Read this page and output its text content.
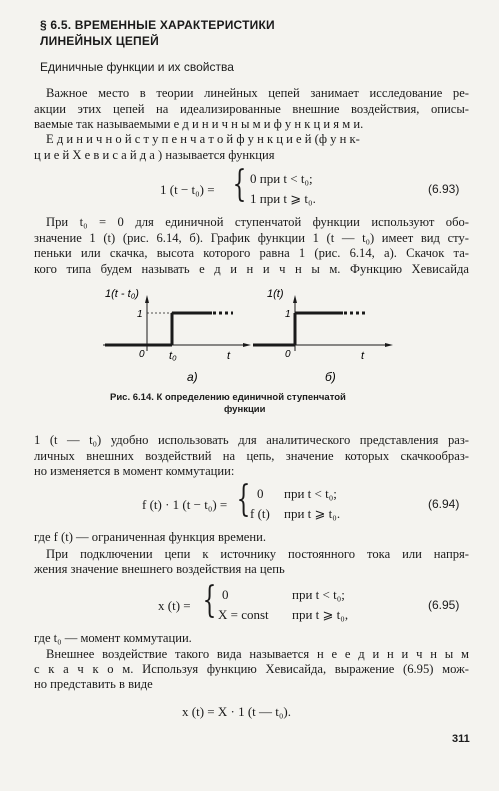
§ 6.5. ВРЕМЕННЫЕ ХАРАКТЕРИСТИКИ
ЛИНЕЙНЫХ ЦЕПЕЙ
Единичные функции и их свойства
Важное место в теории линейных цепей занимает исследование ре-
акции этих цепей на идеализированные внешние воздействия, описы-
ваемые так называемыми е д и н и ч н ы м и ф у н к ц и я м и.
Е д и н и ч н о й с т у п е н ч а т о й ф у н к ц и е й (ф у н к-
ц и е й Х е в и с а й д а ) называется функция
1 (t − t₀) = { 0 при t < t₀;
1 при t ⩾ t₀.
(6.93)
При t₀ = 0 для единичной ступенчатой функции используют обо-
значение 1 (t) (рис. 6.14, б). График функции 1 (t — t₀) имеет вид сту-
пеньки или скачка, высота которого равна 1 (рис. 6.14, а). Скачок та-
кого типа будем называть е д и н и ч н ы м. Функцию Хевисайда
1(t - t₀)
1
0 t₀	t
а)
1(t)
1
0	t
б)
Рис. 6.14. К определению единичной ступенчатой
функции
1 (t — t₀) удобно использовать для аналитического представления раз-
личных внешних воздействий на цепь, значение которых скачкообраз-
но изменяется в момент коммутации:
f (t) · 1 (t − t₀) = { 0 при t < t₀;
f (t) при t ⩾ t₀.
(6.94)
где f (t) — ограниченная функция времени.
При подключении цепи к источнику постоянного тока или напря-
жения значение внешнего воздействия на цепь
x (t) = { 0	при t < t₀;
X = const при t ⩾ t₀,
(6.95)
где t₀ — момент коммутации.
Внешнее воздействие такого вида называется н е е д и н и ч н ы м
с к а ч к о м. Используя функцию Хевисайда, выражение (6.95) мож-
но представить в виде
x (t) = X · 1 (t — t₀).
311
